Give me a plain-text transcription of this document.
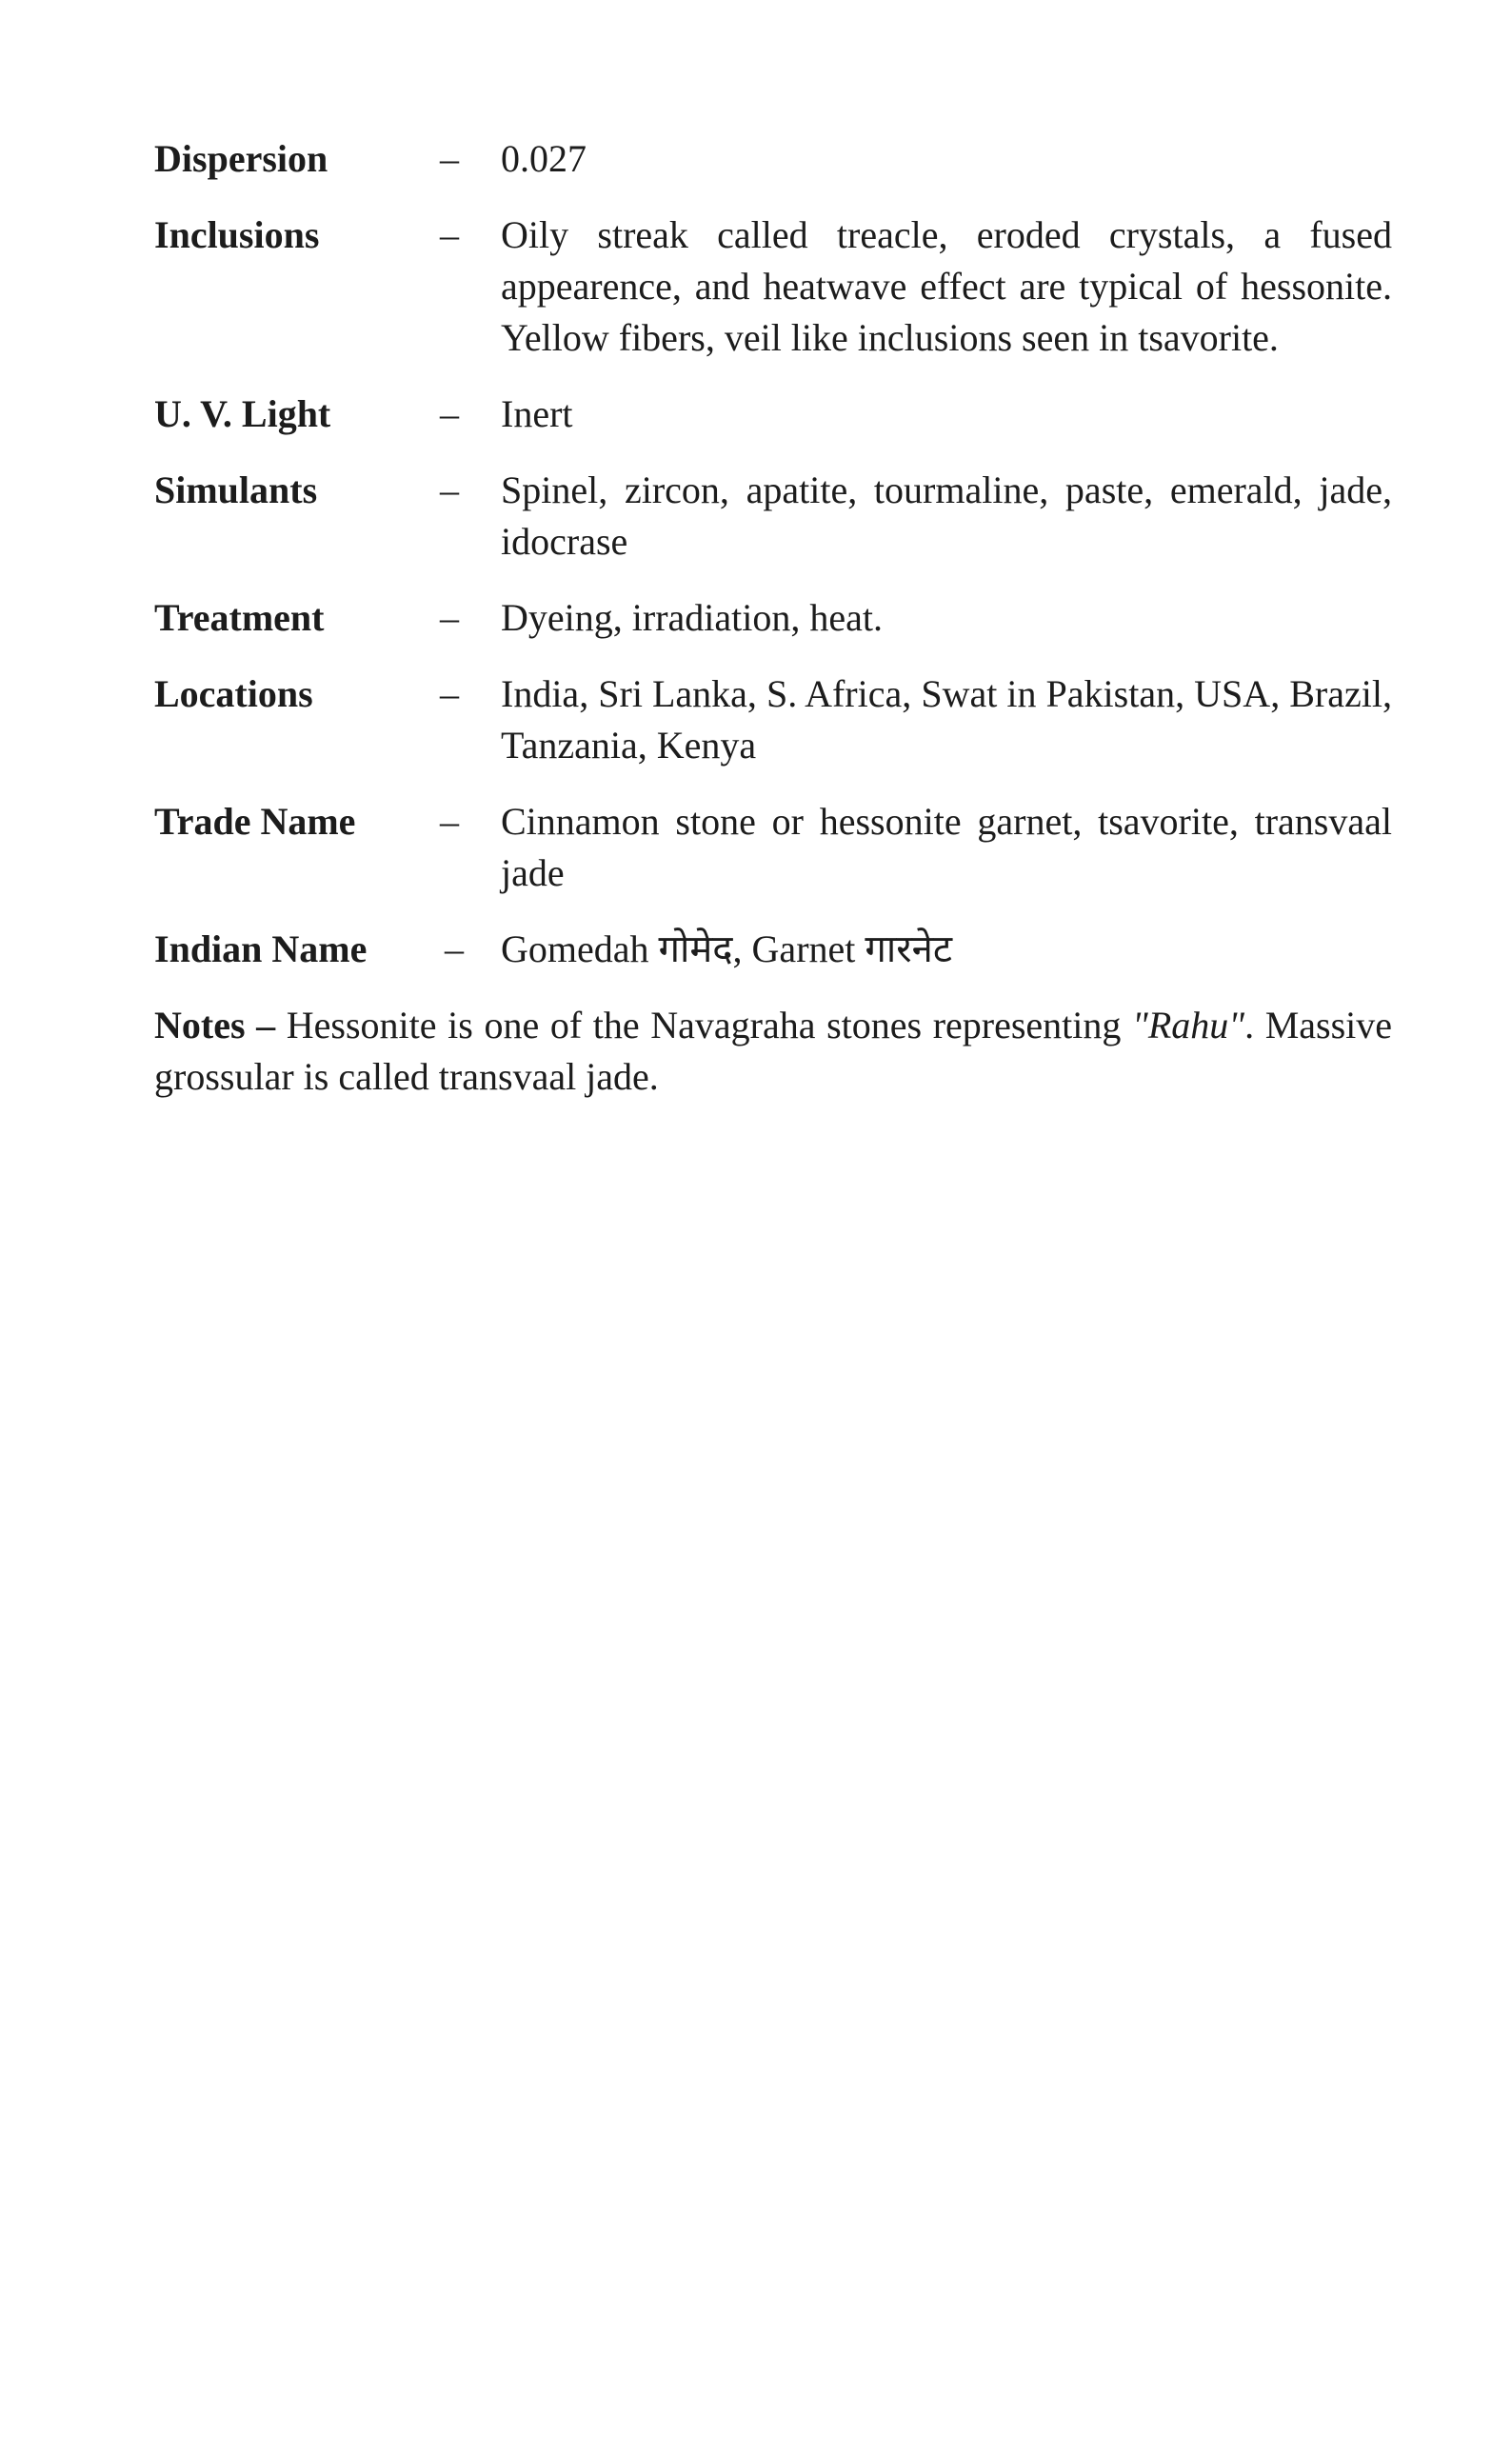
Dispersion	–	0.027
Inclusions	–	Oily streak called treacle, eroded crystals, a fused appearence, and heatwave effect are typical of hessonite. Yellow fibers, veil like inclusions seen in tsavorite.
U. V. Light	–	Inert
Simulants	–	Spinel, zircon, apatite, tourmaline, paste, emerald, jade, idocrase
Treatment	–	Dyeing, irradiation, heat.
Locations	–	India, Sri Lanka, S. Africa, Swat in Pakistan, USA, Brazil, Tanzania, Kenya
Trade Name	–	Cinnamon stone or hessonite garnet, tsavorite, transvaal jade
Indian Name	– Gomedah गोमेद, Garnet गारनेट
Notes – Hessonite is one of the Navagraha stones representing "Rahu". Massive grossular is called transvaal jade.
